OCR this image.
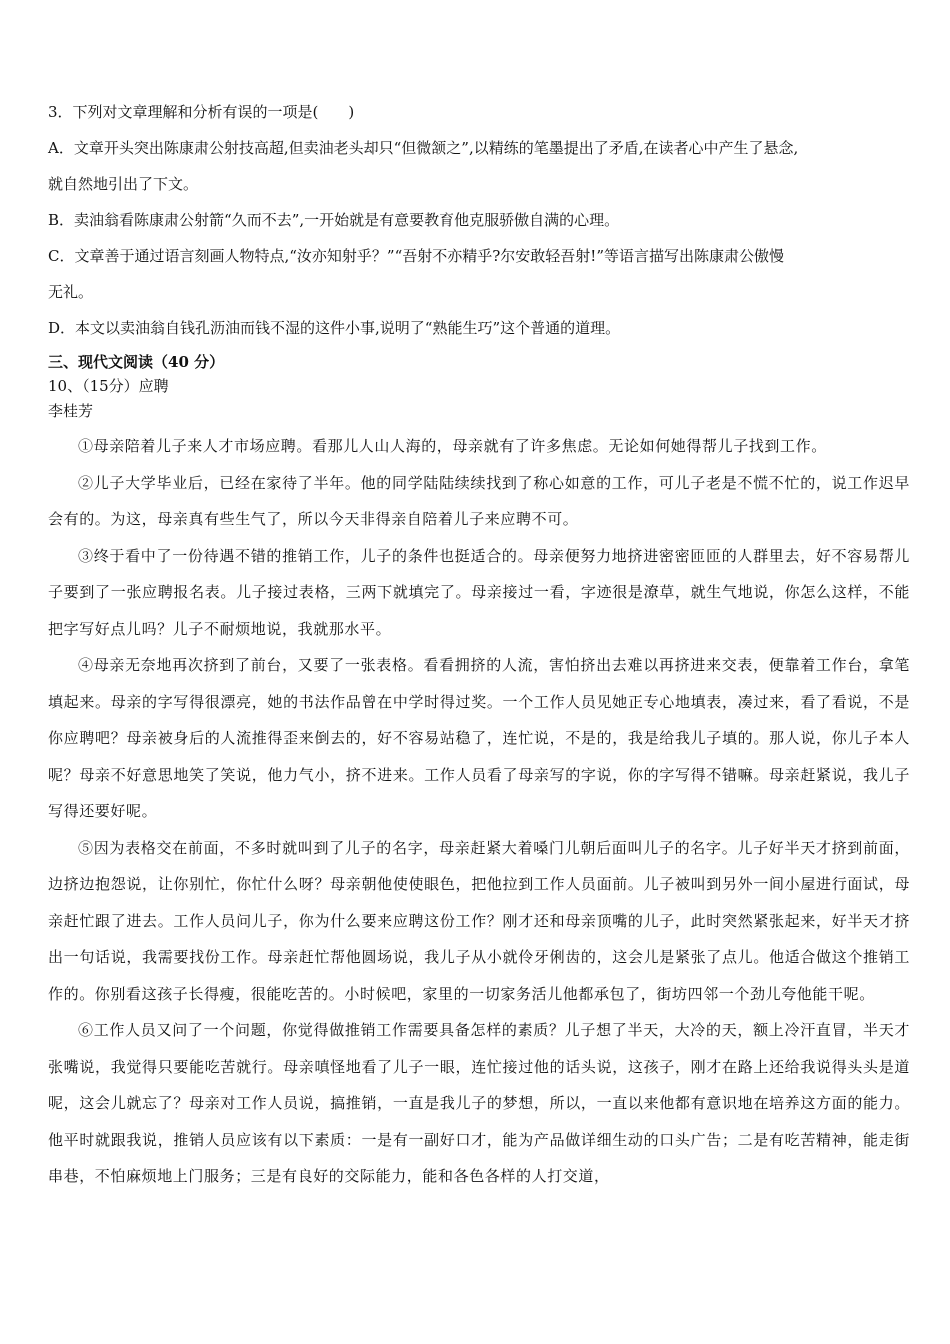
3．下列对文章理解和分析有误的一项是(　　)

A．文章开头突出陈康肃公射技高超,但卖油老头却只“但微颔之”,以精练的笔墨提出了矛盾,在读者心中产生了悬念,

就自然地引出了下文。

B．卖油翁看陈康肃公射箭“久而不去”,一开始就是有意要教育他克服骄傲自满的心理。

C．文章善于通过语言刻画人物特点,“汝亦知射乎？”“吾射不亦精乎?尔安敢轻吾射!”等语言描写出陈康肃公傲慢

无礼。

D．本文以卖油翁自钱孔沥油而钱不湿的这件小事,说明了“熟能生巧”这个普通的道理。

三、现代文阅读（40 分）

10、（15分）应聘

李桂芳

①母亲陪着儿子来人才市场应聘。看那儿人山人海的，母亲就有了许多焦虑。无论如何她得帮儿子找到工作。

②儿子大学毕业后，已经在家待了半年。他的同学陆陆续续找到了称心如意的工作，可儿子老是不慌不忙的，说工作迟早会有的。为这，母亲真有些生气了，所以今天非得亲自陪着儿子来应聘不可。

③终于看中了一份待遇不错的推销工作，儿子的条件也挺适合的。母亲便努力地挤进密密匝匝的人群里去，好不容易帮儿子要到了一张应聘报名表。儿子接过表格，三两下就填完了。母亲接过一看，字迹很是潦草，就生气地说，你怎么这样，不能把字写好点儿吗？儿子不耐烦地说，我就那水平。

④母亲无奈地再次挤到了前台，又要了一张表格。看看拥挤的人流，害怕挤出去难以再挤进来交表，便靠着工作台，拿笔填起来。母亲的字写得很漂亮，她的书法作品曾在中学时得过奖。一个工作人员见她正专心地填表，凑过来，看了看说，不是你应聘吧？母亲被身后的人流推得歪来倒去的，好不容易站稳了，连忙说，不是的，我是给我儿子填的。那人说，你儿子本人呢？母亲不好意思地笑了笑说，他力气小，挤不进来。工作人员看了母亲写的字说，你的字写得不错嘛。母亲赶紧说，我儿子写得还要好呢。

⑤因为表格交在前面，不多时就叫到了儿子的名字，母亲赶紧大着嗓门儿朝后面叫儿子的名字。儿子好半天才挤到前面，边挤边抱怨说，让你别忙，你忙什么呀？母亲朝他使使眼色，把他拉到工作人员面前。儿子被叫到另外一间小屋进行面试，母亲赶忙跟了进去。工作人员问儿子，你为什么要来应聘这份工作？刚才还和母亲顶嘴的儿子，此时突然紧张起来，好半天才挤出一句话说，我需要找份工作。母亲赶忙帮他圆场说，我儿子从小就伶牙俐齿的，这会儿是紧张了点儿。他适合做这个推销工作的。你别看这孩子长得瘦，很能吃苦的。小时候吧，家里的一切家务活儿他都承包了，街坊四邻一个劲儿夸他能干呢。

⑥工作人员又问了一个问题，你觉得做推销工作需要具备怎样的素质？儿子想了半天，大冷的天，额上冷汗直冒，半天才张嘴说，我觉得只要能吃苦就行。母亲嗔怪地看了儿子一眼，连忙接过他的话头说，这孩子，刚才在路上还给我说得头头是道呢，这会儿就忘了？母亲对工作人员说，搞推销，一直是我儿子的梦想，所以，一直以来他都有意识地在培养这方面的能力。他平时就跟我说，推销人员应该有以下素质：一是有一副好口才，能为产品做详细生动的口头广告；二是有吃苦精神，能走街串巷，不怕麻烦地上门服务；三是有良好的交际能力，能和各色各样的人打交道，
